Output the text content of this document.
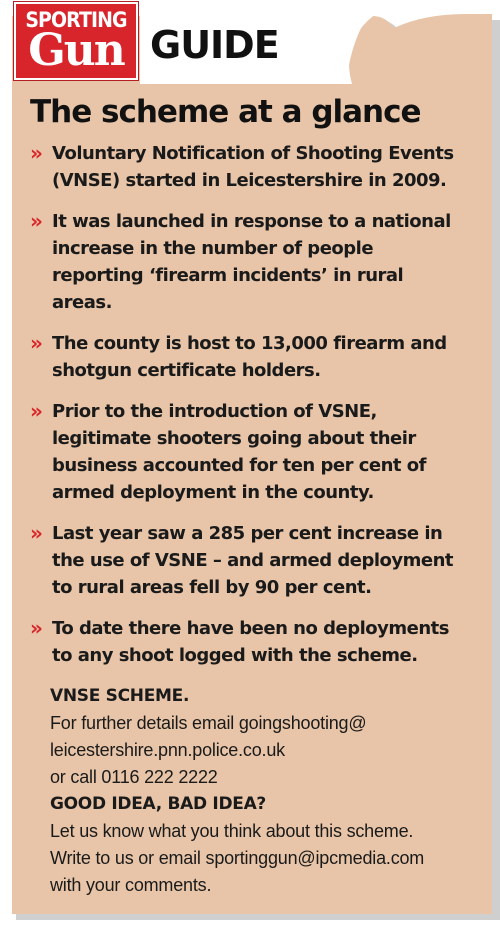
SPORTING
Gun GUIDE
The scheme at a glance
» Voluntary Notification of Shooting Events
(VNSE) started in Leicestershire in 2009.
» It was launched in response to a national
increase in the number of people
reporting ‘firearm incidents’ in rural
areas.
» The county is host to 13,000 firearm and
shotgun certificate holders.
» Prior to the introduction of VSNE,
legitimate shooters going about their
business accounted for ten per cent of
armed deployment in the county.
» Last year saw a 285 per cent increase in
the use of VSNE – and armed deployment
to rural areas fell by 90 per cent.
» To date there have been no deployments
to any shoot logged with the scheme.
VNSE SCHEME.
For further details email goingshooting@
leicestershire.pnn.police.co.uk
or call 0116 222 2222
GOOD IDEA, BAD IDEA?
Let us know what you think about this scheme.
Write to us or email sportinggun@ipcmedia.com
with your comments.
